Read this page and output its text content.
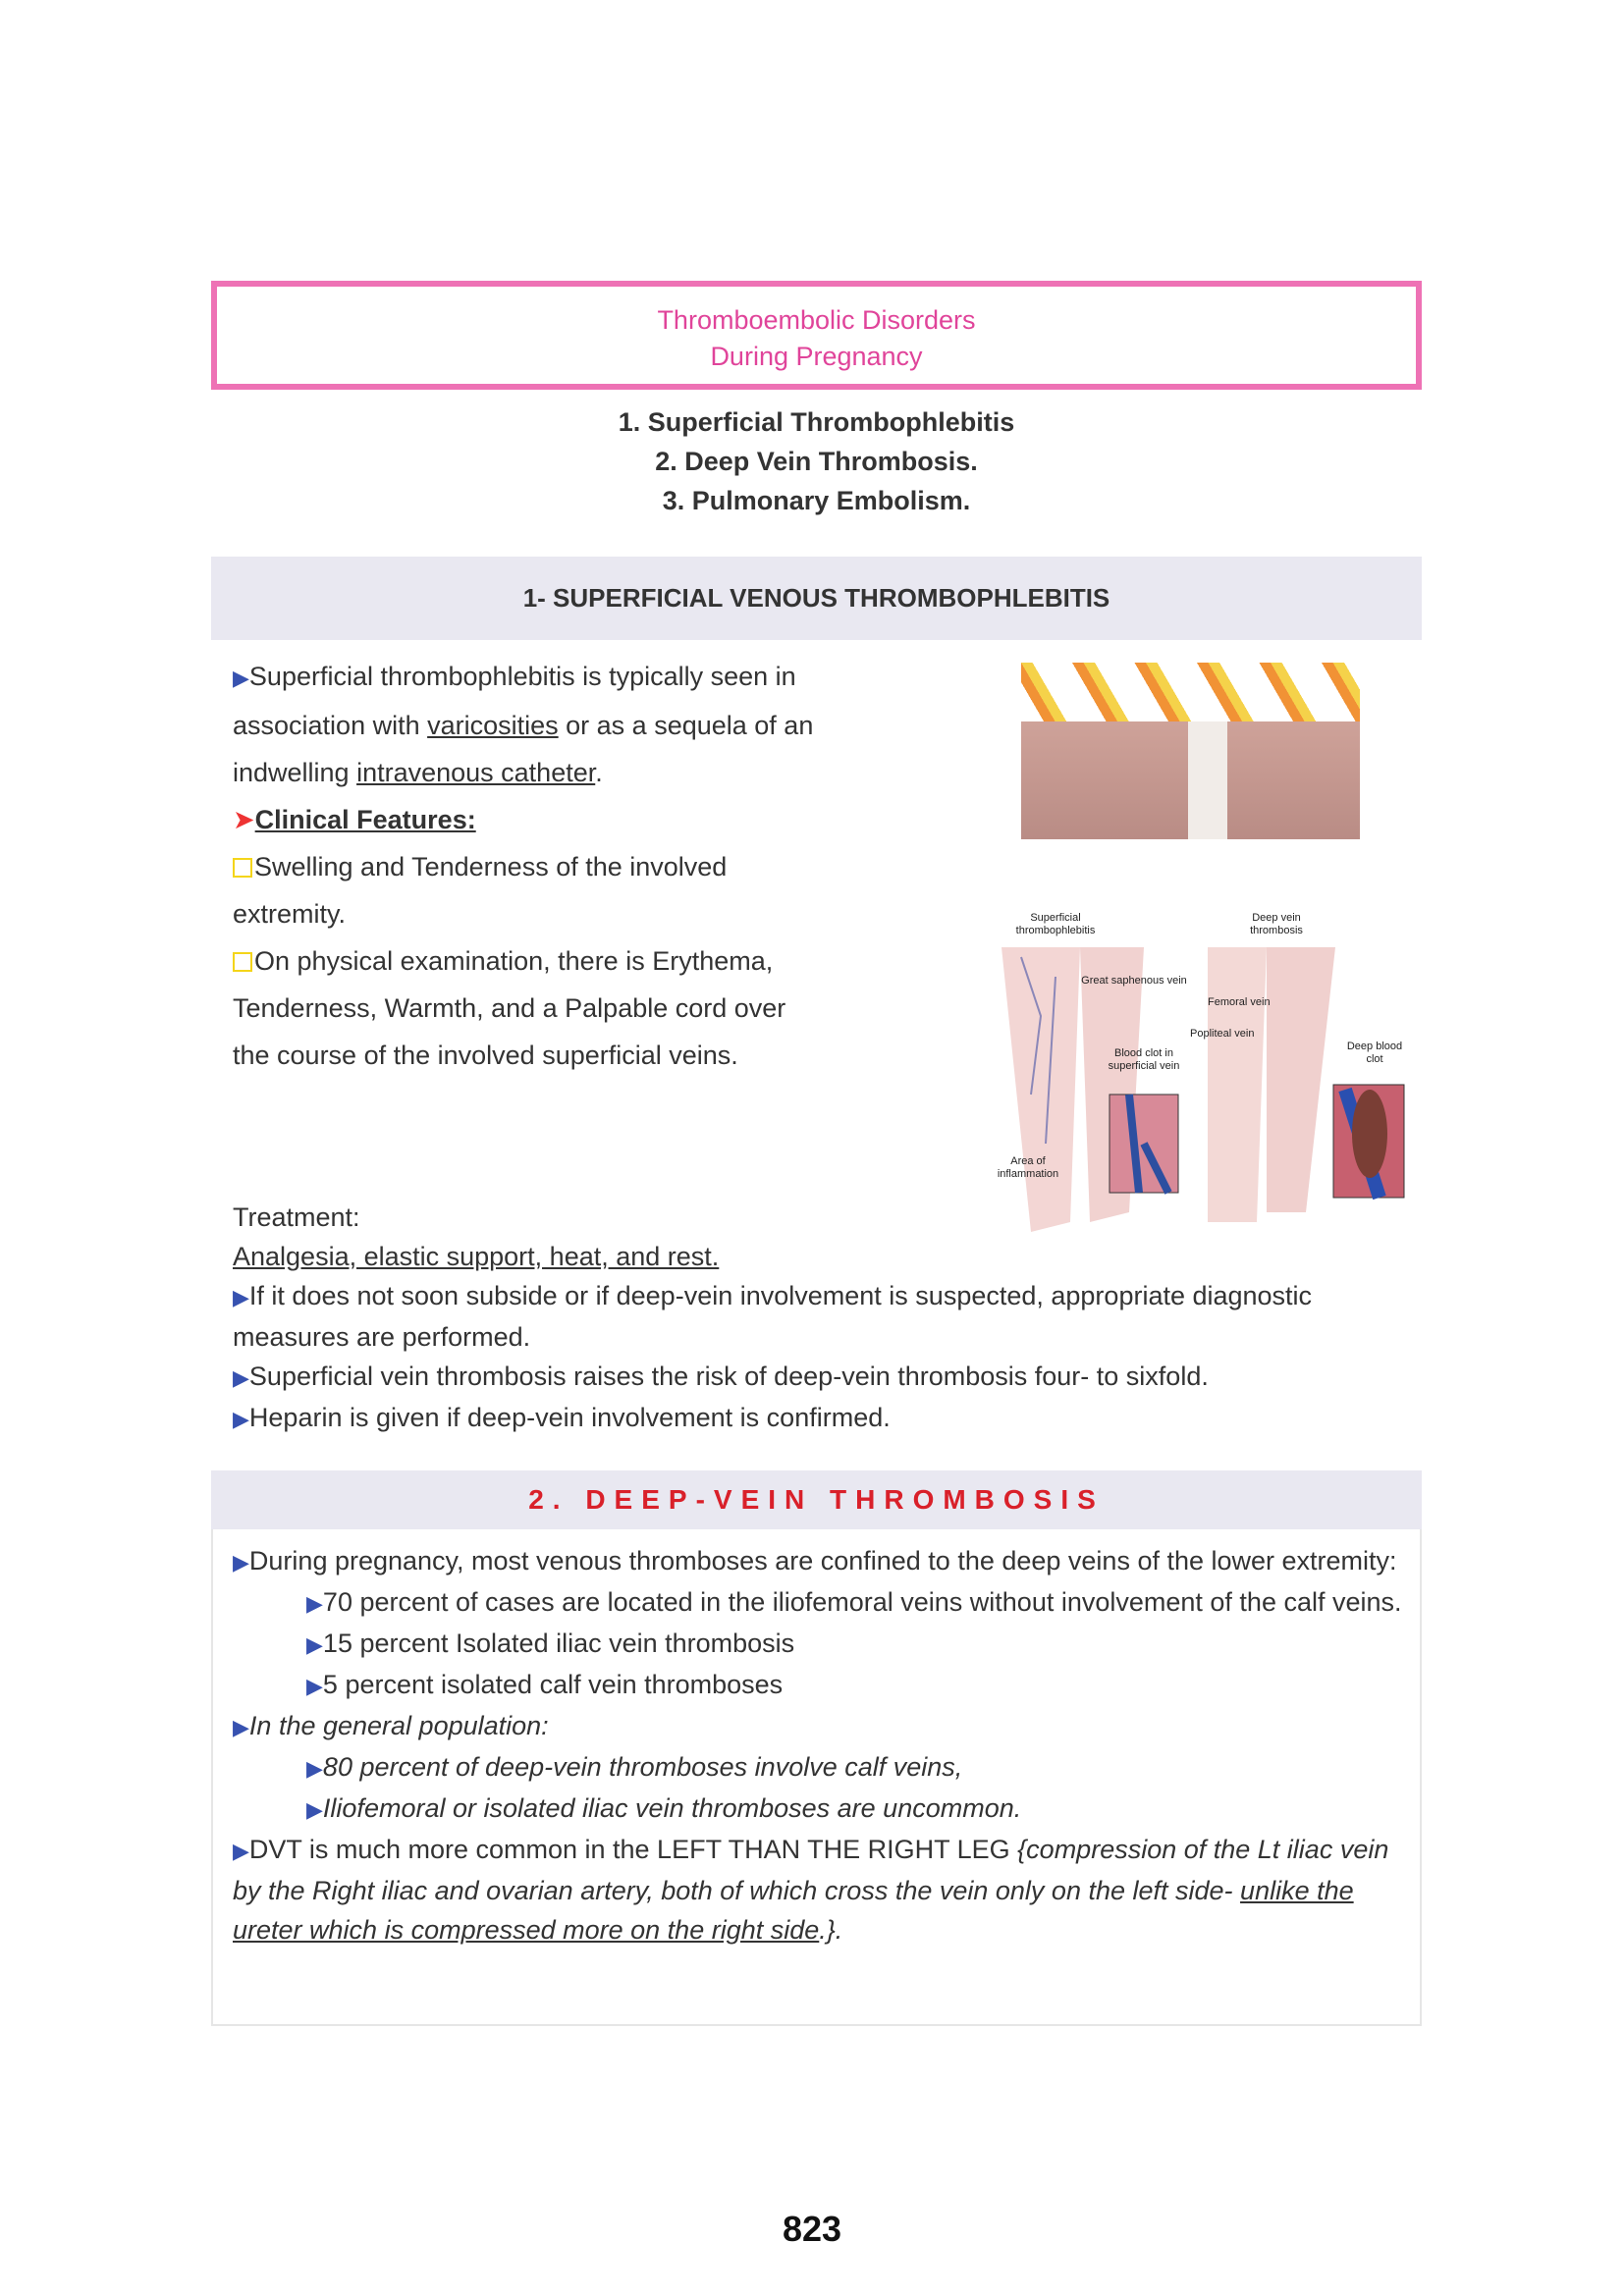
Thromboembolic Disorders
During Pregnancy
1. Superficial Thrombophlebitis
2. Deep Vein Thrombosis.
3. Pulmonary Embolism.
1- SUPERFICIAL VENOUS THROMBOPHLEBITIS
▶Superficial thrombophlebitis is typically seen in association with varicosities or as a sequela of an indwelling intravenous catheter.
➤Clinical Features:
Swelling and Tenderness of the involved extremity.
On physical examination, there is Erythema, Tenderness, Warmth, and a Palpable cord over the course of the involved superficial veins.
Superficial thrombophlebitis
Deep vein thrombosis
Great saphenous vein
Femoral vein
Popliteal vein
Blood clot in superficial vein
Deep blood clot
Area of inflammation
Treatment:
Analgesia, elastic support, heat, and rest.
▶If it does not soon subside or if deep-vein involvement is suspected, appropriate diagnostic measures are performed.
▶Superficial vein thrombosis raises the risk of deep-vein thrombosis four- to sixfold.
▶Heparin is given if deep-vein involvement is confirmed.
2. DEEP-VEIN THROMBOSIS
▶During pregnancy, most venous thromboses are confined to the deep veins of the lower extremity:
▶70 percent of cases are located in the iliofemoral veins without involvement of the calf veins.
▶15 percent Isolated iliac vein thrombosis
▶5 percent isolated calf vein thromboses
▶In the general population:
▶80 percent of deep-vein thromboses involve calf veins,
▶Iliofemoral or isolated iliac vein thromboses are uncommon.
▶DVT is much more common in the LEFT THAN THE RIGHT LEG {compression of the Lt iliac vein by the Right iliac and ovarian artery, both of which cross the vein only on the left side- unlike the ureter which is compressed more on the right side.}.
823
